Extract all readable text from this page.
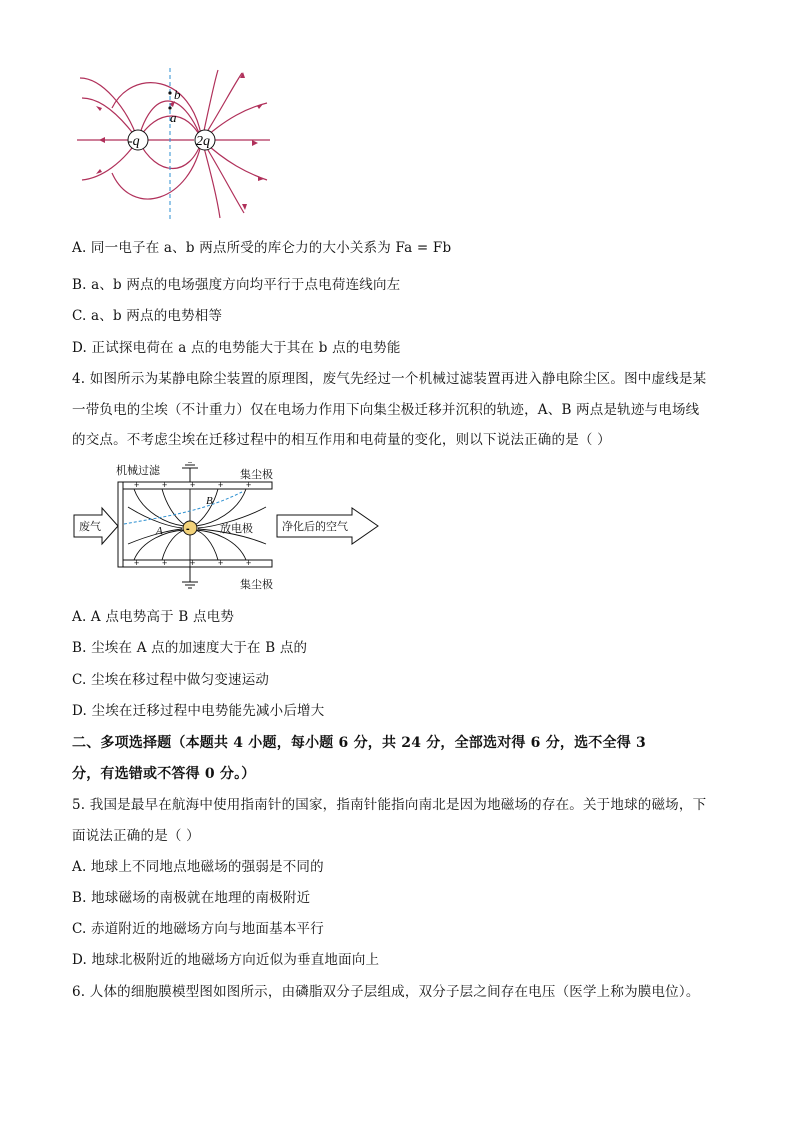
b
a
-q	2q
A. 同一电子在 a、b 两点所受的库仑力的大小关系为 Fa = Fb
B. a、b 两点的电场强度方向均平行于点电荷连线向左
C. a、b 两点的电势相等
D. 正试探电荷在 a 点的电势能大于其在 b 点的电势能
4. 如图所示为某静电除尘装置的原理图，废气先经过一个机械过滤装置再进入静电除尘区。图中虚线是某
一带负电的尘埃（不计重力）仅在电场力作用下向集尘极迁移并沉积的轨迹，A、B 两点是轨迹与电场线
的交点。不考虑尘埃在迁移过程中的相互作用和电荷量的变化，则以下说法正确的是（ ）
+	+	+	+	+
+	+	+	+	+
-
机械过滤	集尘极
集尘极
废气	净化后的空气
放电极
A
B
A. A 点电势高于 B 点电势
B. 尘埃在 A 点的加速度大于在 B 点的
C. 尘埃在移过程中做匀变速运动
D. 尘埃在迁移过程中电势能先减小后增大
二、多项选择题（本题共 4 小题，每小题 6 分，共 24 分，全部选对得 6 分，选不全得 3
分，有选错或不答得 0 分。）
5. 我国是最早在航海中使用指南针的国家，指南针能指向南北是因为地磁场的存在。关于地球的磁场，下
面说法正确的是（ ）
A. 地球上不同地点地磁场的强弱是不同的
B. 地球磁场的南极就在地理的南极附近
C. 赤道附近的地磁场方向与地面基本平行
D. 地球北极附近的地磁场方向近似为垂直地面向上
6. 人体的细胞膜模型图如图所示，由磷脂双分子层组成，双分子层之间存在电压（医学上称为膜电位）。
